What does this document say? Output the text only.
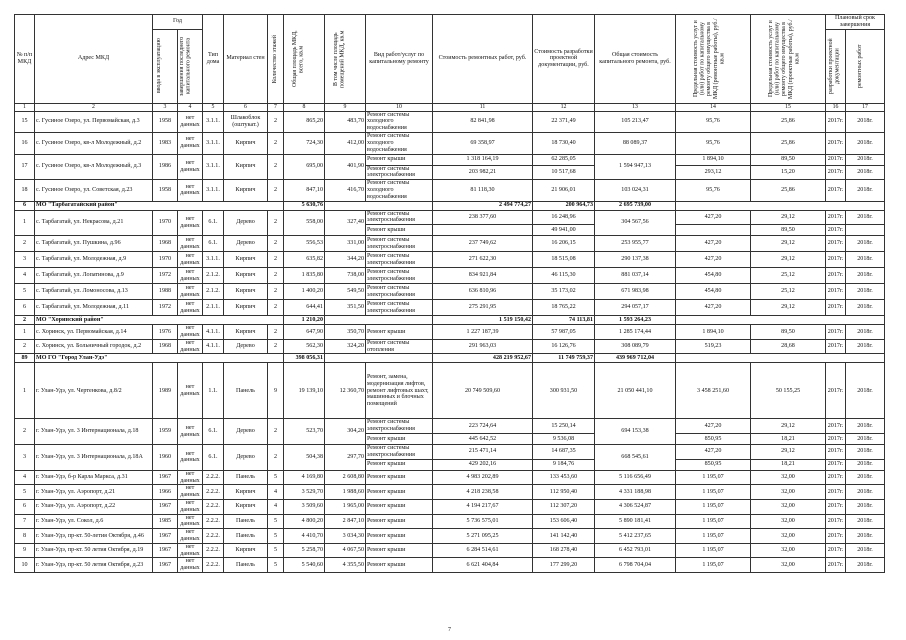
№ п/п МКД	Адрес МКД	Год		Тип дома	Материал стен	Количество этажей	Общая площадь МКД, всего, кв.м	В том числе площадь помещений МКД, кв.м	Вид работ/услуг по капитальному ремонту	Стоимость ремонтных работ, руб.	Стоимость разработки проектной документации, руб.	Общая стоимость капитального ремонта, руб.	Предельная стоимость услуг и (или) работ по капитальному ремонту общего имущества в МКД (ремонтные работы), руб./кв.м	Предельная стоимость услуг и (или) работ по капитальному ремонту общего имущества в МКД (проектные работы), руб./кв.м	Плановый срок завершения	

		ввода в эксплуатацию	завершения последнего капитального ремонта												разработки проектной документации	ремонтных работ

1	2	3	4	5	6	7	8	9	10	11	12	13	14	15	16	17
15	с. Гусиное Озеро, ул. Первомайская, д.3	1958	нет данных	3.1.1.	Шлакоблок (оштукат.)	2	865,20	483,70	Ремонт системы холодного водоснабжения	82 841,98	22 371,49	105 213,47	95,76	25,86	2017г.	2018г.
16	с. Гусиное Озеро, кв-л Молодежный, д.2	1983	нет данных	3.1.1.	Кирпич	2	724,30	412,00	Ремонт системы холодного водоснабжения	69 358,97	18 730,40	88 089,37	95,76	25,86	2017г.	2018г.
17	с. Гусиное Озеро, кв-л Молодежный, д.3	1986	нет данных	3.1.1.	Кирпич	2	695,00	401,90	Ремонт крыши	1 318 164,19	62 285,05	1 594 947,13	1 894,10	89,50	2017г.	2018г.
									Ремонт системы электроснабжения	203 982,21	10 517,68		293,12	15,20	2017г.	2018г.
18	с. Гусиное Озеро, ул. Советская, д.23	1958	нет данных	3.1.1.	Кирпич	2	847,10	416,70	Ремонт системы холодного водоснабжения	81 118,30	21 906,01	103 024,31	95,76	25,86	2017г.	2018г.
6	МО "Тарбагатайский район"						5 630,76			2 494 774,27	200 964,73	2 695 739,00				
1	с. Тарбагатай, ул. Некрасова, д.21	1970	нет данных	6.1.	Дерево	2	558,00	327,40	Ремонт системы электроснабжения	238 377,60	16 248,96	304 567,56	427,20	29,12	2017г.	2018г.
									Ремонт крыши		49 941,00			89,50	2017г.	
2	с. Тарбагатай, ул. Пушкина, д.96	1968	нет данных	6.1.	Дерево	2	556,53	331,00	Ремонт системы электроснабжения	237 749,62	16 206,15	253 955,77	427,20	29,12	2017г.	2018г.
3	с. Тарбагатай, ул. Молодежная, д.9	1970	нет данных	3.1.1.	Кирпич	2	635,82	344,20	Ремонт системы электроснабжения	271 622,30	18 515,08	290 137,38	427,20	29,12	2017г.	2018г.
4	с. Тарбагатай, ул. Лопатинова, д.9	1972	нет данных	2.1.2.	Кирпич	2	1 835,80	738,00	Ремонт системы электроснабжения	834 921,84	46 115,30	881 037,14	454,80	25,12	2017г.	2018г.
5	с. Тарбагатай, ул. Ломоносова, д.13	1988	нет данных	2.1.2.	Кирпич	2	1 400,20	549,50	Ремонт системы электроснабжения	636 810,96	35 173,02	671 983,98	454,80	25,12	2017г.	2018г.
6	с. Тарбагатай, ул. Молодежная, д.11	1972	нет данных	2.1.1.	Кирпич	2	644,41	351,50	Ремонт системы электроснабжения	275 291,95	18 765,22	294 057,17	427,20	29,12	2017г.	2018г.
2	МО "Хоринский район"						1 210,20			1 519 150,42	74 113,81	1 593 264,23				
1	с. Хоринск, ул. Первомайская, д.14	1976	нет данных	4.1.1.	Кирпич	2	647,90	350,70	Ремонт крыши	1 227 187,39	57 987,05	1 285 174,44	1 894,10	89,50	2017г.	2018г.
2	с. Хоринск, ул. Больничный городок, д.2	1968	нет данных	4.1.1.	Дерево	2	562,30	324,20	Ремонт системы отопления	291 963,03	16 126,76	308 089,79	519,23	28,68	2017г.	2018г.
89	МО ГО "Город Улан-Удэ"						398 056,31			428 219 952,67	11 749 759,37	439 969 712,04				
1	г. Улан-Удэ, ул. Чертенкова, д.8/2	1989	нет данных	1.1.	Панель	9	19 139,10	12 360,70	Ремонт, замена, модернизация лифтов, ремонт лифтовых шахт, машинных и блочных помещений	20 749 509,60	300 931,50	21 050 441,10	3 458 251,60	50 155,25	2017г.	2018г.
2	г. Улан-Удэ, ул. 3 Интернационала, д.18	1959	нет данных	6.1.	Дерево	2	523,70	304,20	Ремонт системы электроснабжения	223 724,64	15 250,14	694 153,38	427,20	29,12	2017г.	2018г.
									Ремонт крыши	445 642,52	9 536,08		850,95	18,21	2017г.	2018г.
3	г. Улан-Удэ, ул. 3 Интернационала, д.18А	1960	нет данных	6.1.	Дерево	2	504,38	297,70	Ремонт системы электроснабжения	215 471,14	14 687,35	668 545,61	427,20	29,12	2017г.	2018г.
									Ремонт крыши	429 202,16	9 184,76		850,95	18,21	2017г.	2018г.
4	г. Улан-Удэ, б-р Карла Маркса, д.31	1967	нет данных	2.2.2.	Панель	5	4 169,80	2 608,80	Ремонт крыши	4 983 202,89	133 453,60	5 116 656,49	1 195,07	32,00	2017г.	2018г.
5	г. Улан-Удэ, ул. Аэропорт, д.21	1966	нет данных	2.2.2.	Кирпич	4	3 529,70	1 988,60	Ремонт крыши	4 218 238,58	112 950,40	4 331 188,98	1 195,07	32,00	2017г.	2018г.
6	г. Улан-Удэ, ул. Аэропорт, д.22	1967	нет данных	2.2.2.	Кирпич	4	3 509,60	1 965,00	Ремонт крыши	4 194 217,67	112 307,20	4 306 524,87	1 195,07	32,00	2017г.	2018г.
7	г. Улан-Удэ, ул. Сокол, д.6	1985	нет данных	2.2.2.	Панель	5	4 800,20	2 847,10	Ремонт крыши	5 736 575,01	153 606,40	5 890 181,41	1 195,07	32,00	2017г.	2018г.
8	г. Улан-Удэ, пр-кт. 50-летия Октября, д.46	1967	нет данных	2.2.2.	Панель	5	4 410,70	3 034,30	Ремонт крыши	5 271 095,25	141 142,40	5 412 237,65	1 195,07	32,00	2017г.	2018г.
9	г. Улан-Удэ, пр-кт. 50 летия Октября, д.19	1967	нет данных	2.2.2.	Кирпич	5	5 258,70	4 067,50	Ремонт крыши	6 284 514,61	168 278,40	6 452 793,01	1 195,07	32,00	2017г.	2018г.
10	г. Улан-Удэ, пр-кт. 50 летия Октября, д.23	1967	нет данных	2.2.2.	Панель	5	5 540,60	4 355,50	Ремонт крыши	6 621 404,84	177 299,20	6 798 704,04	1 195,07	32,00	2017г.	2018г.
7
